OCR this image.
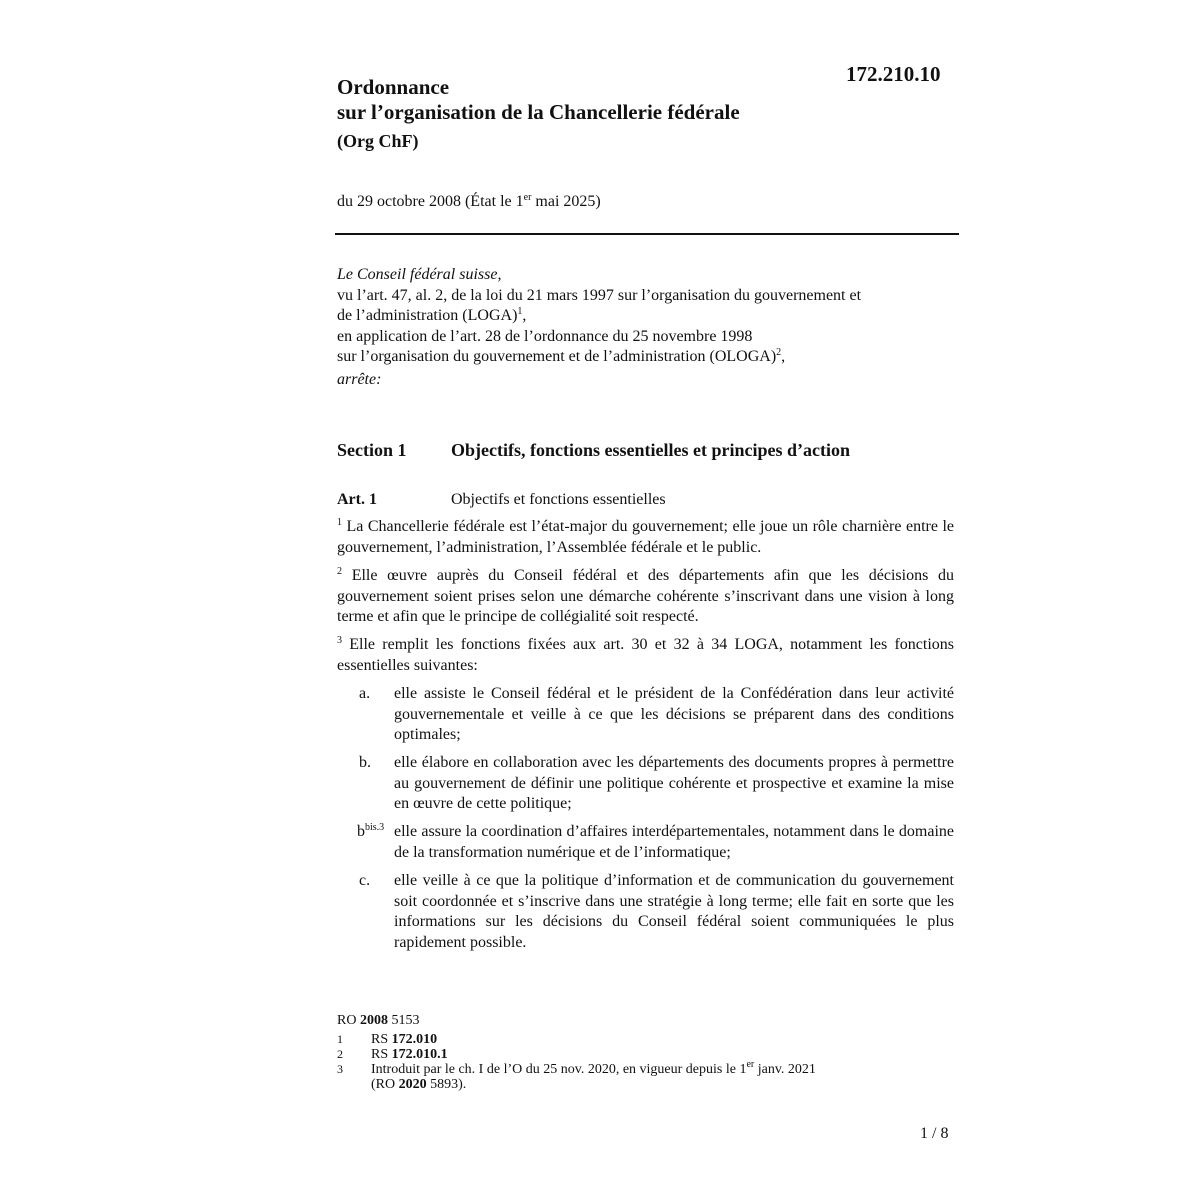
172.210.10
Ordonnance
sur l’organisation de la Chancellerie fédérale
(Org ChF)
du 29 octobre 2008 (État le 1er mai 2025)
Le Conseil fédéral suisse,
vu l’art. 47, al. 2, de la loi du 21 mars 1997 sur l’organisation du gouvernement et
de l’administration (LOGA)$^1$,
en application de l’art. 28 de l’ordonnance du 25 novembre 1998
sur l’organisation du gouvernement et de l’administration (OLOGA)$^2$,
arrête:
Section 1 Objectifs, fonctions essentielles et principes d’action
Art. 1	Objectifs et fonctions essentielles
$^1$ La Chancellerie fédérale est l’état-major du gouvernement; elle joue un rôle charnière entre le gouvernement, l’administration, l’Assemblée fédérale et le public.
$^2$ Elle œuvre auprès du Conseil fédéral et des départements afin que les décisions du gouvernement soient prises selon une démarche cohérente s’inscrivant dans une vision à long terme et afin que le principe de collégialité soit respecté.
$^3$ Elle remplit les fonctions fixées aux art. 30 et 32 à 34 LOGA, notamment les fonctions essentielles suivantes:
a. elle assiste le Conseil fédéral et le président de la Confédération dans leur activité gouvernementale et veille à ce que les décisions se préparent dans des conditions optimales;
b. elle élabore en collaboration avec les départements des documents propres à permettre au gouvernement de définir une politique cohérente et prospective et examine la mise en œuvre de cette politique;
$b^{bis.3}$ elle assure la coordination d’affaires interdépartementales, notamment dans le domaine de la transformation numérique et de l’informatique;
c. elle veille à ce que la politique d’information et de communication du gouvernement soit coordonnée et s’inscrive dans une stratégie à long terme; elle fait en sorte que les informations sur les décisions du Conseil fédéral soient communiquées le plus rapidement possible.
RO 2008 5153
1 RS 172.010
2 RS 172.010.1
3 Introduit par le ch. I de l’O du 25 nov. 2020, en vigueur depuis le 1er janv. 2021
(RO 2020 5893).
1 / 8
